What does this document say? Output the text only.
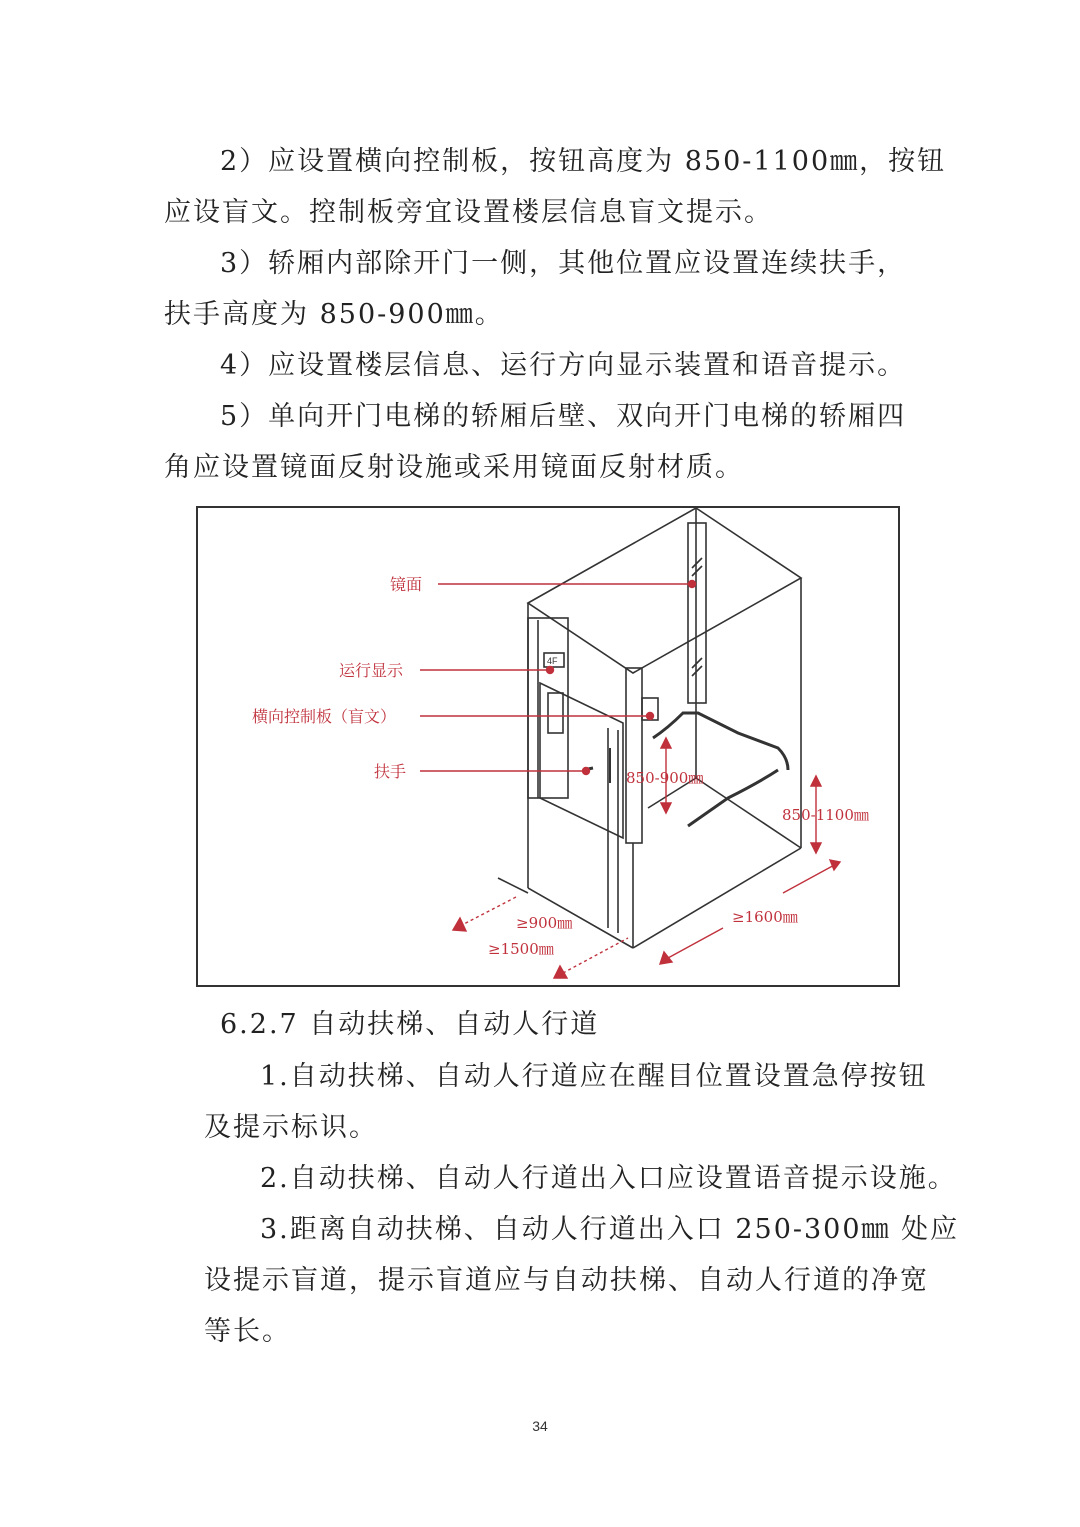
2）应设置横向控制板，按钮高度为 850-1100㎜，按钮
应设盲文。控制板旁宜设置楼层信息盲文提示。
3）轿厢内部除开门一侧，其他位置应设置连续扶手，
扶手高度为 850-900㎜。
4）应设置楼层信息、运行方向显示装置和语音提示。
5）单向开门电梯的轿厢后壁、双向开门电梯的轿厢四
角应设置镜面反射设施或采用镜面反射材质。
4F
镜面
运行显示
横向控制板（盲文）
扶手	850-900㎜
850-1100㎜
≥1600㎜
≥900㎜
≥1500㎜
6.2.7 自动扶梯、自动人行道
1.自动扶梯、自动人行道应在醒目位置设置急停按钮
及提示标识。
2.自动扶梯、自动人行道出入口应设置语音提示设施。
3.距离自动扶梯、自动人行道出入口 250-300㎜ 处应
设提示盲道，提示盲道应与自动扶梯、自动人行道的净宽
等长。
34
